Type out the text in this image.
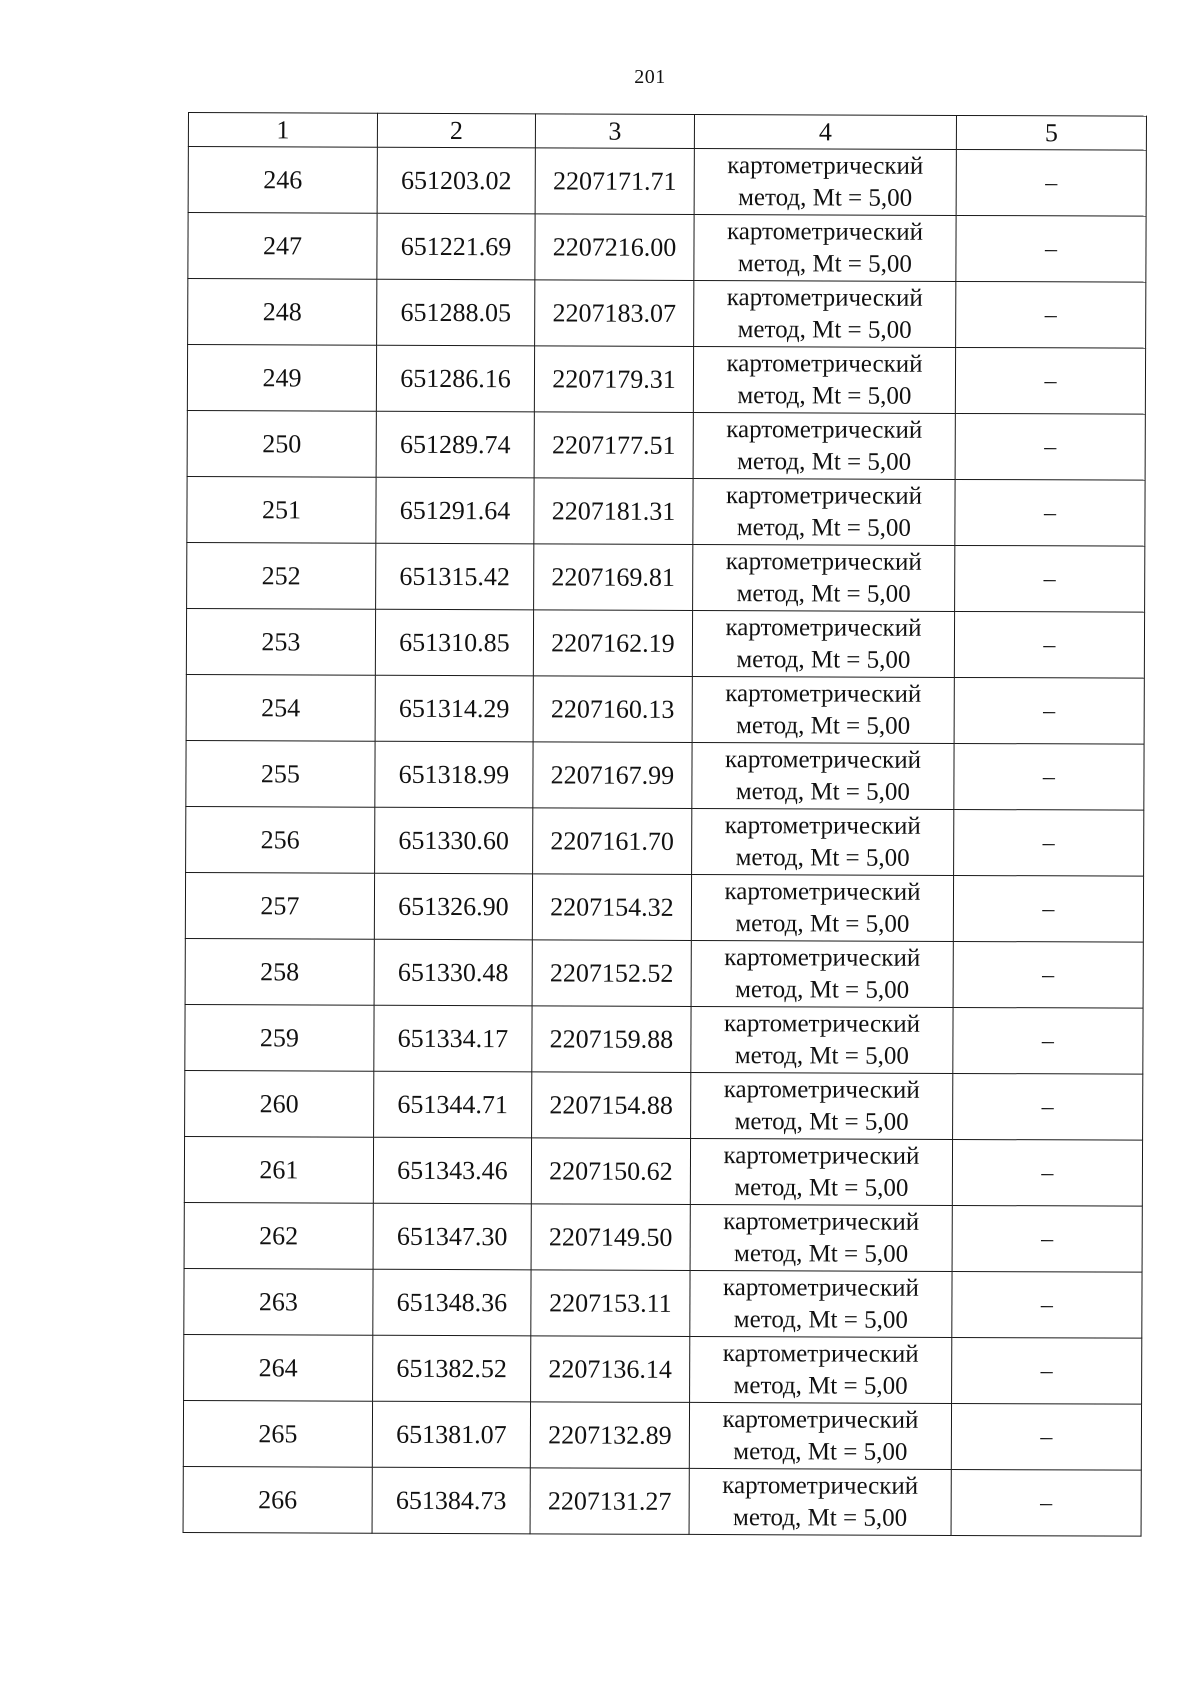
201
1	2	3	4	5
246	651203.02	2207171.71	картометрический
метод, Mt = 5,00	–
247	651221.69	2207216.00	картометрический
метод, Mt = 5,00	–
248	651288.05	2207183.07	картометрический
метод, Mt = 5,00	–
249	651286.16	2207179.31	картометрический
метод, Mt = 5,00	–
250	651289.74	2207177.51	картометрический
метод, Mt = 5,00	–
251	651291.64	2207181.31	картометрический
метод, Mt = 5,00	–
252	651315.42	2207169.81	картометрический
метод, Mt = 5,00	–
253	651310.85	2207162.19	картометрический
метод, Mt = 5,00	–
254	651314.29	2207160.13	картометрический
метод, Mt = 5,00	–
255	651318.99	2207167.99	картометрический
метод, Mt = 5,00	–
256	651330.60	2207161.70	картометрический
метод, Mt = 5,00	–
257	651326.90	2207154.32	картометрический
метод, Mt = 5,00	–
258	651330.48	2207152.52	картометрический
метод, Mt = 5,00	–
259	651334.17	2207159.88	картометрический
метод, Mt = 5,00	–
260	651344.71	2207154.88	картометрический
метод, Mt = 5,00	–
261	651343.46	2207150.62	картометрический
метод, Mt = 5,00	–
262	651347.30	2207149.50	картометрический
метод, Mt = 5,00	–
263	651348.36	2207153.11	картометрический
метод, Mt = 5,00	–
264	651382.52	2207136.14	картометрический
метод, Mt = 5,00	–
265	651381.07	2207132.89	картометрический
метод, Mt = 5,00	–
266	651384.73	2207131.27	картометрический
метод, Mt = 5,00	–
